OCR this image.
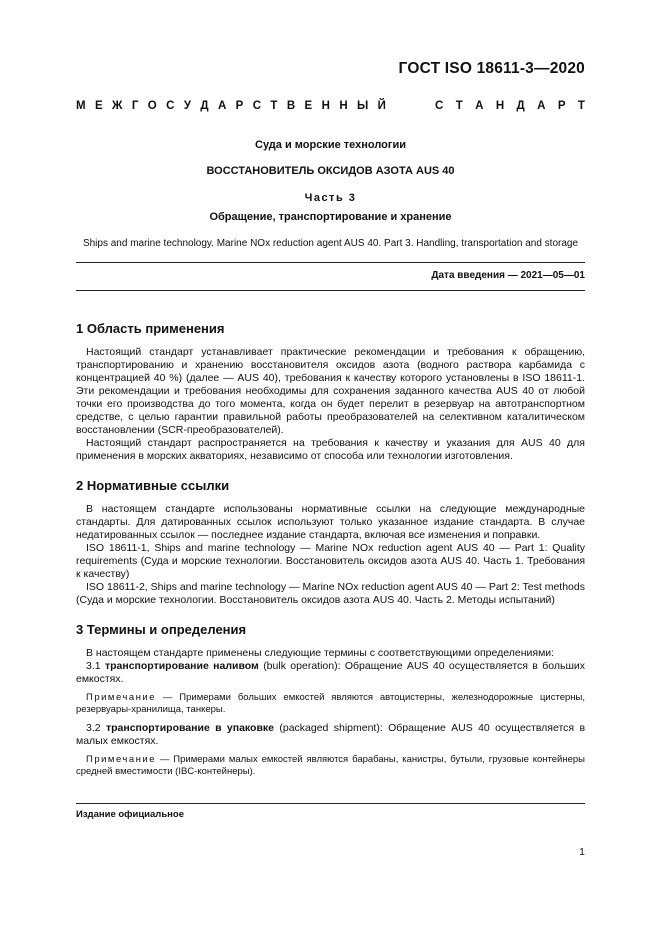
ГОСТ ISO 18611-3—2020
М Е Ж Г О С У Д А Р С Т В Е Н Н Ы Й	С Т А Н Д А Р Т
Суда и морские технологии
ВОССТАНОВИТЕЛЬ ОКСИДОВ АЗОТА AUS 40
Часть 3
Обращение, транспортирование и хранение
Ships and marine technology. Marine NOx reduction agent AUS 40. Part 3. Handling, transportation and storage
Дата введения — 2021—05—01
1 Область применения

Настоящий стандарт устанавливает практические рекомендации и требования к обращению, транспортированию и хранению восстановителя оксидов азота (водного раствора карбамида с концентрацией 40 %) (далее — AUS 40), требования к качеству которого установлены в ISO 18611-1. Эти рекомендации и требования необходимы для сохранения заданного качества AUS 40 от любой точки его производства до того момента, когда он будет перелит в резервуар на автотранспортном средстве, с целью гарантии правильной работы преобразователей на селективном каталитическом восстановлении (SCR-преобразователей).

Настоящий стандарт распространяется на требования к качеству и указания для AUS 40 для применения в морских акваториях, независимо от способа или технологии изготовления.

2 Нормативные ссылки

В настоящем стандарте использованы нормативные ссылки на следующие международные стандарты. Для датированных ссылок используют только указанное издание стандарта. В случае недатированных ссылок — последнее издание стандарта, включая все изменения и поправки.

ISO 18611-1, Ships and marine technology — Marine NOx reduction agent AUS 40 — Part 1: Quality requirements (Суда и морские технологии. Восстановитель оксидов азота AUS 40. Часть 1. Требования к качеству)

ISO 18611-2, Ships and marine technology — Marine NOx reduction agent AUS 40 — Part 2: Test methods (Суда и морские технологии. Восстановитель оксидов азота AUS 40. Часть 2. Методы испытаний)

3 Термины и определения

В настоящем стандарте применены следующие термины с соответствующими определениями:

3.1 транспортирование наливом (bulk operation): Обращение AUS 40 осуществляется в больших емкостях.

Примечание — Примерами больших емкостей являются автоцистерны, железнодорожные цистерны, резервуары-хранилища, танкеры.

3.2 транспортирование в упаковке (packaged shipment): Обращение AUS 40 осуществляется в малых емкостях.

Примечание — Примерами малых емкостей являются барабаны, канистры, бутыли, грузовые контейнеры средней вместимости (IBC-контейнеры).

Издание официальное
1
